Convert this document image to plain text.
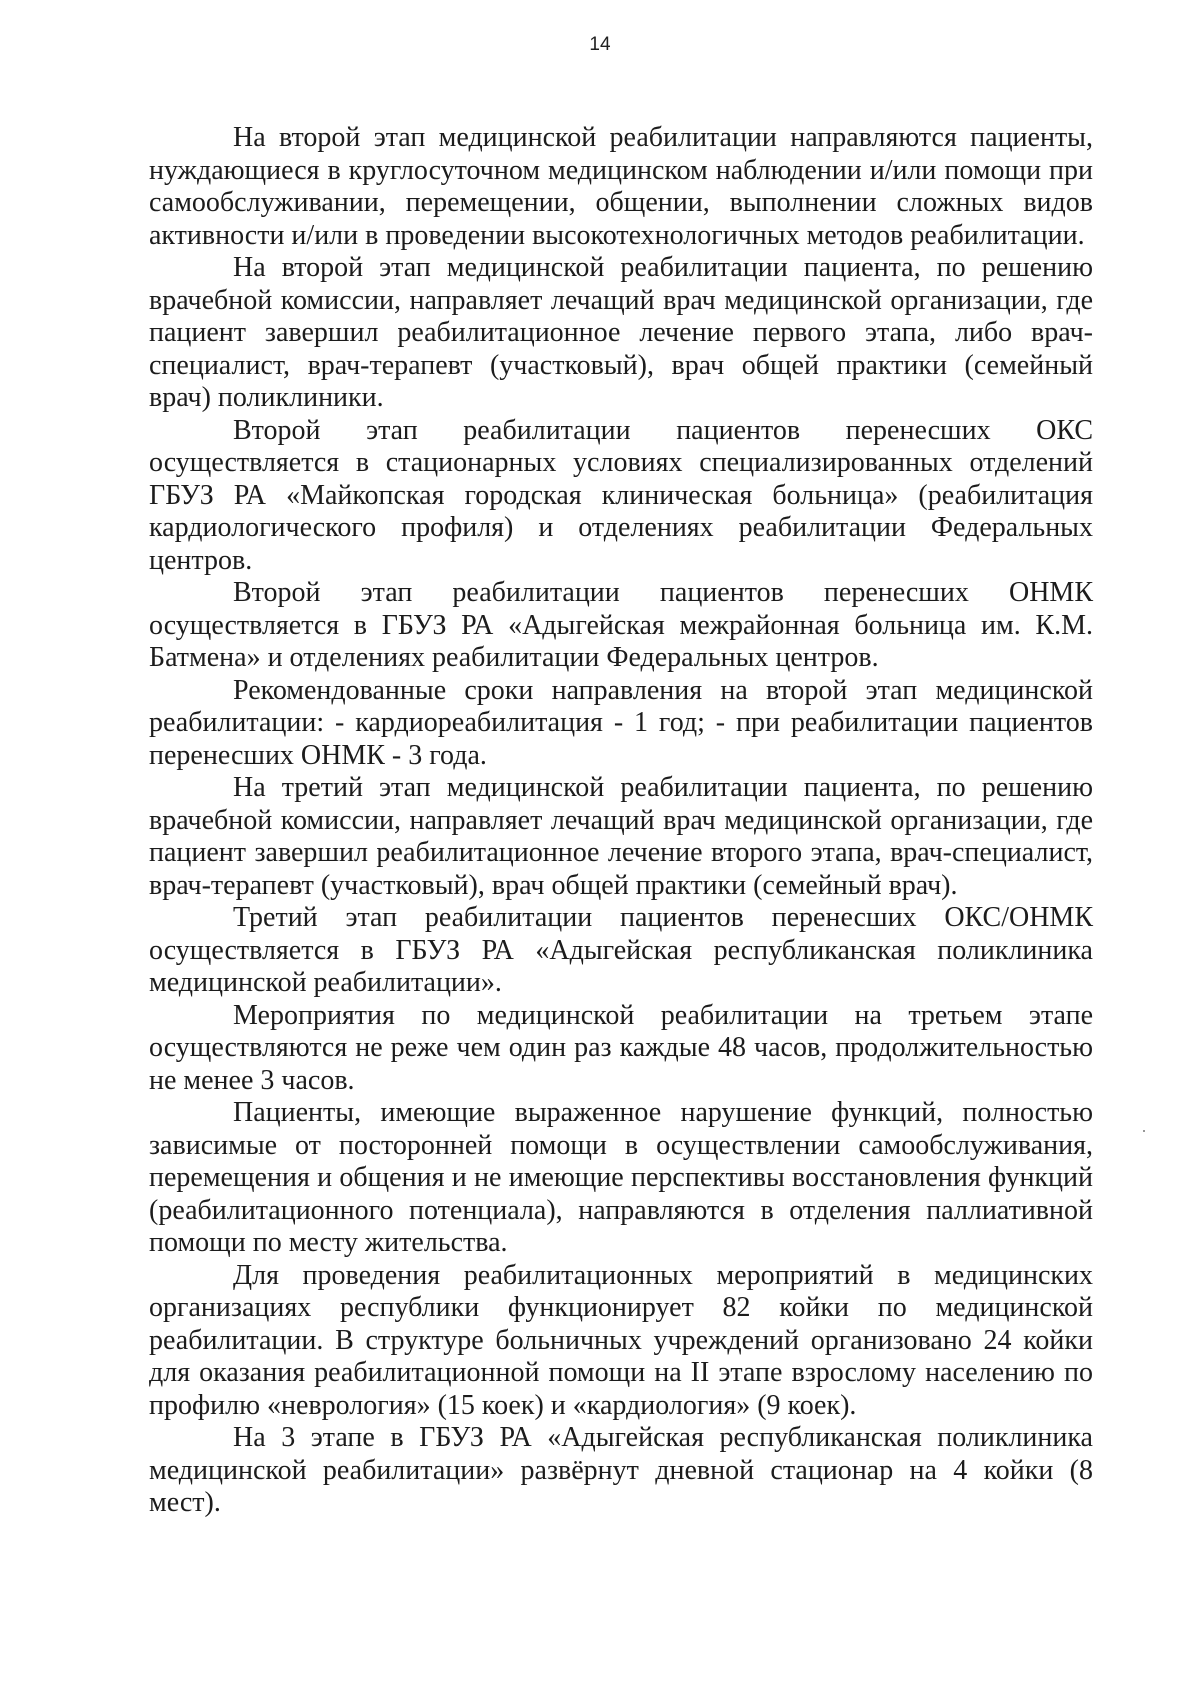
14

На второй этап медицинской реабилитации направляются пациенты, нуждающиеся в круглосуточном медицинском наблюдении и/или помощи при самообслуживании, перемещении, общении, выполнении сложных видов активности и/или в проведении высокотехнологичных методов реабилитации.

На второй этап медицинской реабилитации пациента, по решению врачебной комиссии, направляет лечащий врач медицинской организации, где пациент завершил реабилитационное лечение первого этапа, либо врач-специалист, врач-терапевт (участковый), врач общей практики (семейный врач) поликлиники.

Второй этап реабилитации пациентов перенесших ОКС осуществляется в стационарных условиях специализированных отделений ГБУЗ РА «Майкопская городская клиническая больница» (реабилитация кардиологического профиля) и отделениях реабилитации Федеральных центров.

Второй этап реабилитации пациентов перенесших ОНМК осуществляется в ГБУЗ РА «Адыгейская межрайонная больница им. К.М. Батмена» и отделениях реабилитации Федеральных центров.

Рекомендованные сроки направления на второй этап медицинской реабилитации: - кардиореабилитация - 1 год; - при реабилитации пациентов перенесших ОНМК - 3 года.

На третий этап медицинской реабилитации пациента, по решению врачебной комиссии, направляет лечащий врач медицинской организации, где пациент завершил реабилитационное лечение второго этапа, врач-специалист, врач-терапевт (участковый), врач общей практики (семейный врач).

Третий этап реабилитации пациентов перенесших ОКС/ОНМК осуществляется в ГБУЗ РА «Адыгейская республиканская поликлиника медицинской реабилитации».

Мероприятия по медицинской реабилитации на третьем этапе осуществляются не реже чем один раз каждые 48 часов, продолжительностью не менее 3 часов.

Пациенты, имеющие выраженное нарушение функций, полностью зависимые от посторонней помощи в осуществлении самообслуживания, перемещения и общения и не имеющие перспективы восстановления функций (реабилитационного потенциала), направляются в отделения паллиативной помощи по месту жительства.

Для проведения реабилитационных мероприятий в медицинских организациях республики функционирует 82 койки по медицинской реабилитации. В структуре больничных учреждений организовано 24 койки для оказания реабилитационной помощи на II этапе взрослому населению по профилю «неврология» (15 коек) и «кардиология» (9 коек).

На 3 этапе в ГБУЗ РА «Адыгейская республиканская поликлиника медицинской реабилитации» развёрнут дневной стационар на 4 койки (8 мест).
